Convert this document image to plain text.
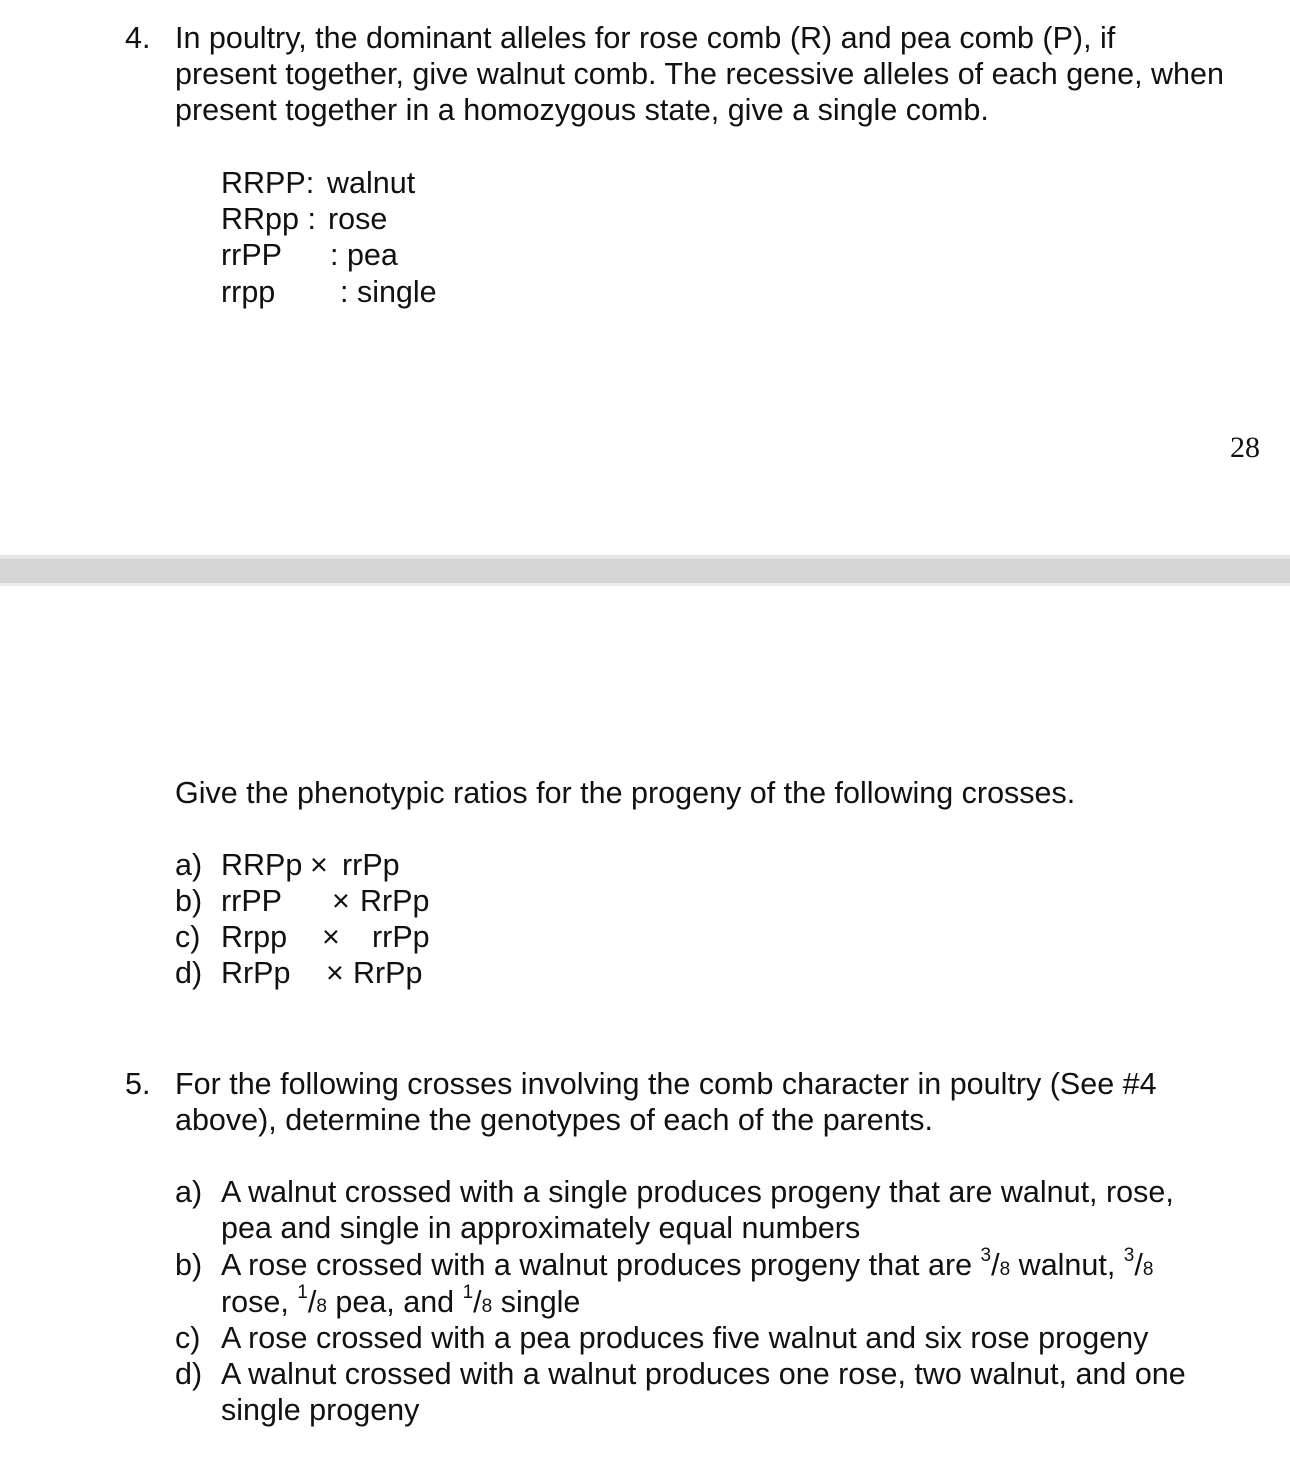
4. In poultry, the dominant alleles for rose comb (R) and pea comb (P), if
present together, give walnut comb. The recessive alleles of each gene, when
present together in a homozygous state, give a single comb.
RRPP: walnut
RRpp : rose
rrPP : pea
rrpp : single
28
Give the phenotypic ratios for the progeny of the following crosses.
a) RRPp × rrPp
b) rrPP × RrPp
c) Rrpp × rrPp
d) RrPp × RrPp
5. For the following crosses involving the comb character in poultry (See #4
above), determine the genotypes of each of the parents.
a) A walnut crossed with a single produces progeny that are walnut, rose,
pea and single in approximately equal numbers
b) A rose crossed with a walnut produces progeny that are $^3$/8 walnut, $^3$/8
rose, $^1$/8 pea, and $^1$/8 single
c) A rose crossed with a pea produces five walnut and six rose progeny
d) A walnut crossed with a walnut produces one rose, two walnut, and one
single progeny
